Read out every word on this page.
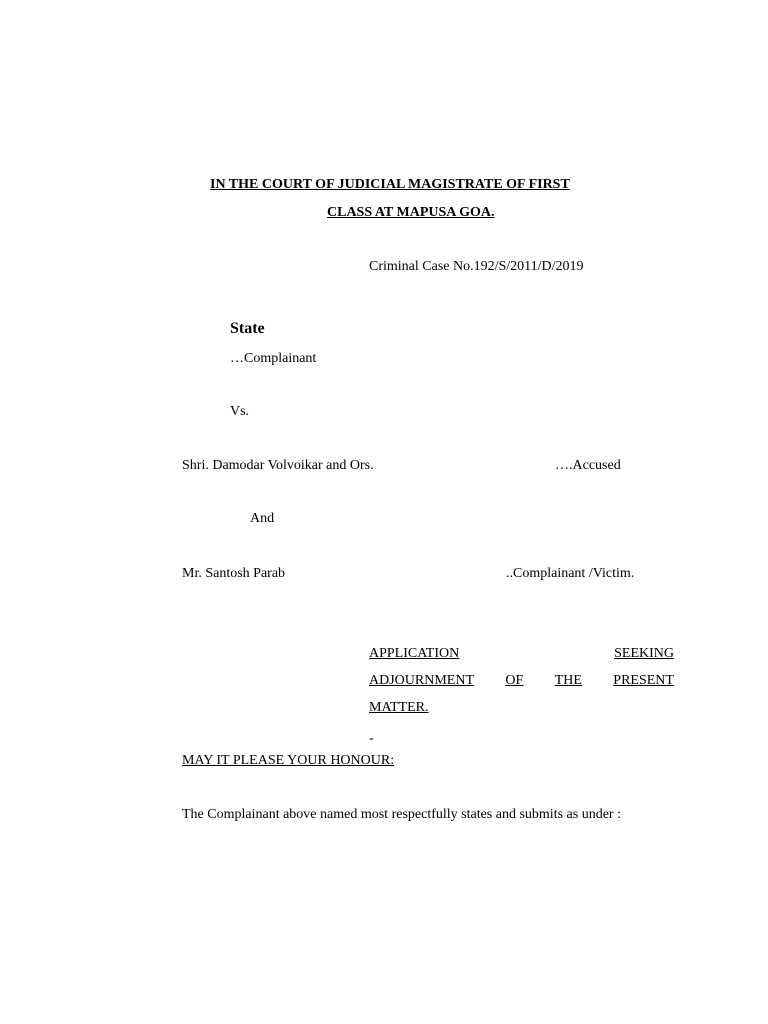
IN THE COURT OF JUDICIAL MAGISTRATE OF FIRST
CLASS AT MAPUSA GOA.
Criminal Case No.192/S/2011/D/2019
State
…Complainant
Vs.
Shri. Damodar Volvoikar and Ors.	….Accused
And
Mr. Santosh Parab	..Complainant /Victim.
APPLICATION	SEEKING
ADJOURNMENT OF THE PRESENT
MATTER.
-
MAY IT PLEASE YOUR HONOUR:
The Complainant above named most respectfully states and submits as under :
